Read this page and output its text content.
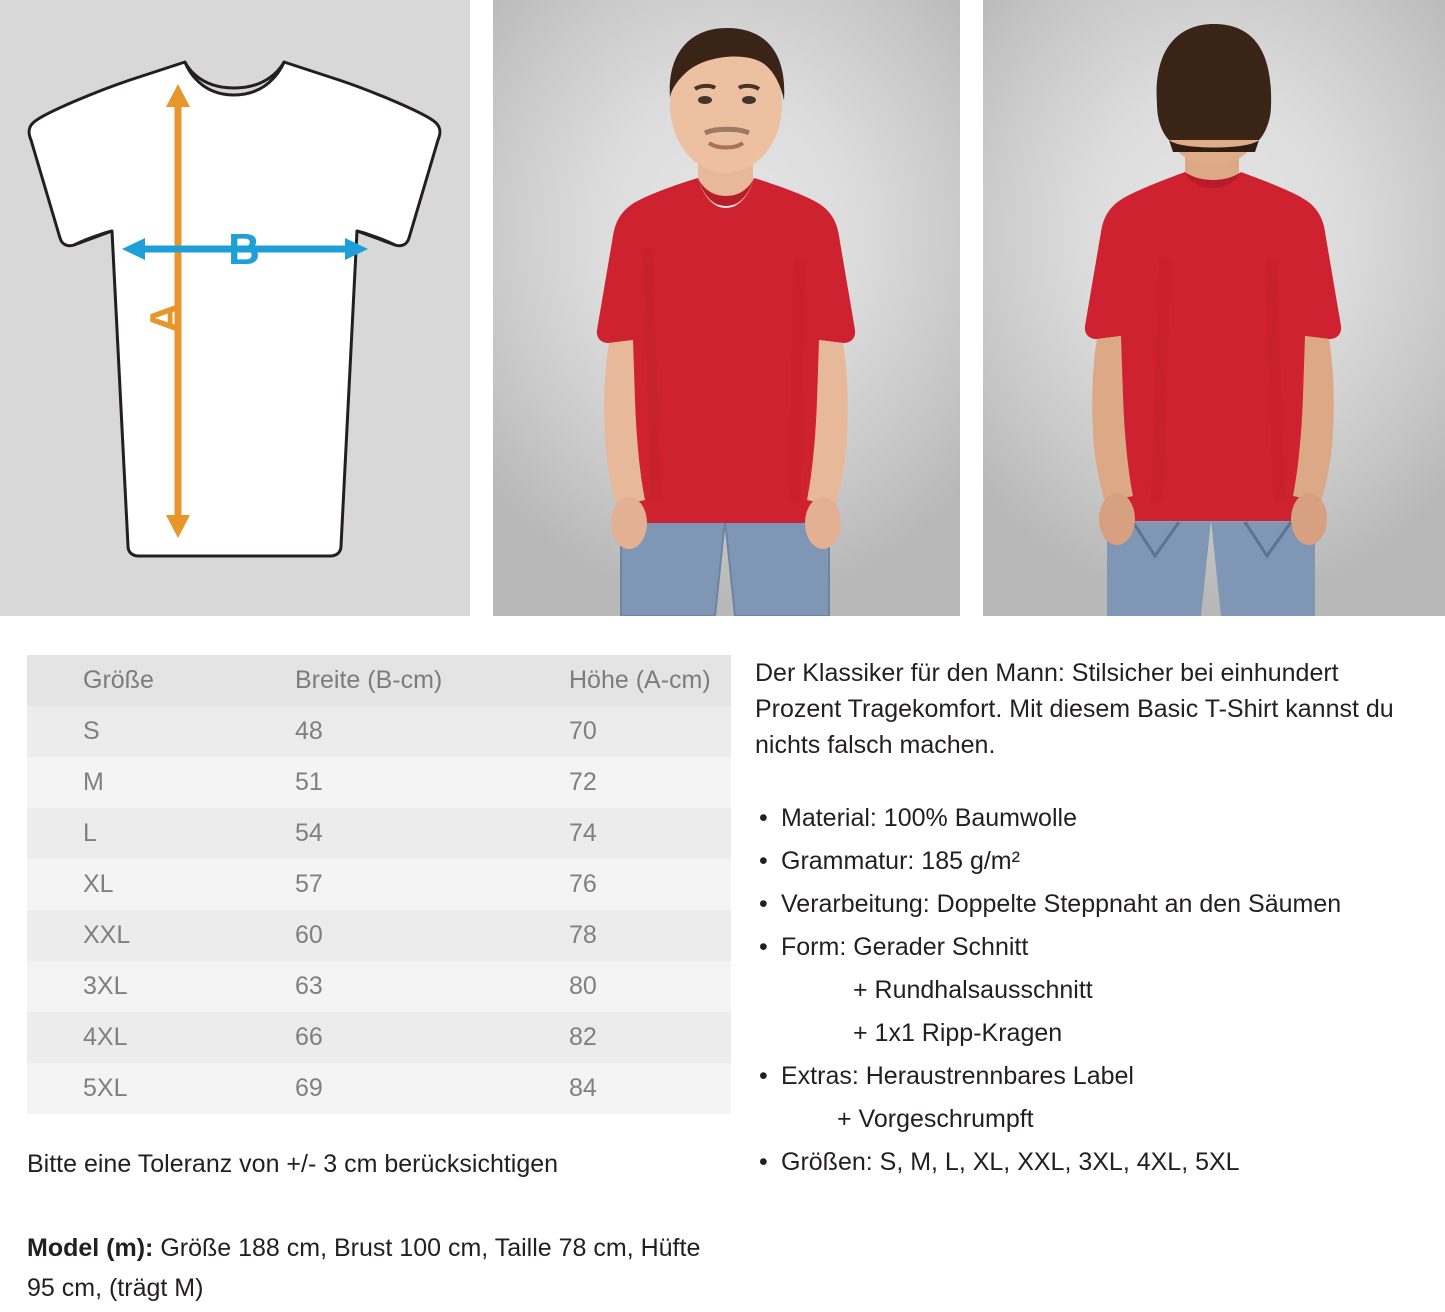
A
B
Größe	Breite (B-cm)	Höhe (A-cm)
S	48	70
M	51	72
L	54	74
XL	57	76
XXL	60	78
3XL	63	80
4XL	66	82
5XL	69	84
Bitte eine Toleranz von +/- 3 cm berücksichtigen
Model (m): Größe 188 cm, Brust 100 cm, Taille 78 cm, Hüfte 95 cm, (trägt M)

Der Klassiker für den Mann: Stilsicher bei einhundert Prozent Tragekomfort. Mit diesem Basic T-Shirt kannst du nichts falsch machen.

• Material: 100% Baumwolle
• Grammatur: 185 g/m²
• Verarbeitung: Doppelte Steppnaht an den Säumen
• Form: Gerader Schnitt
+ Rundhalsausschnitt
+ 1x1 Ripp-Kragen
• Extras: Heraustrennbares Label
+ Vorgeschrumpft
• Größen: S, M, L, XL, XXL, 3XL, 4XL, 5XL
